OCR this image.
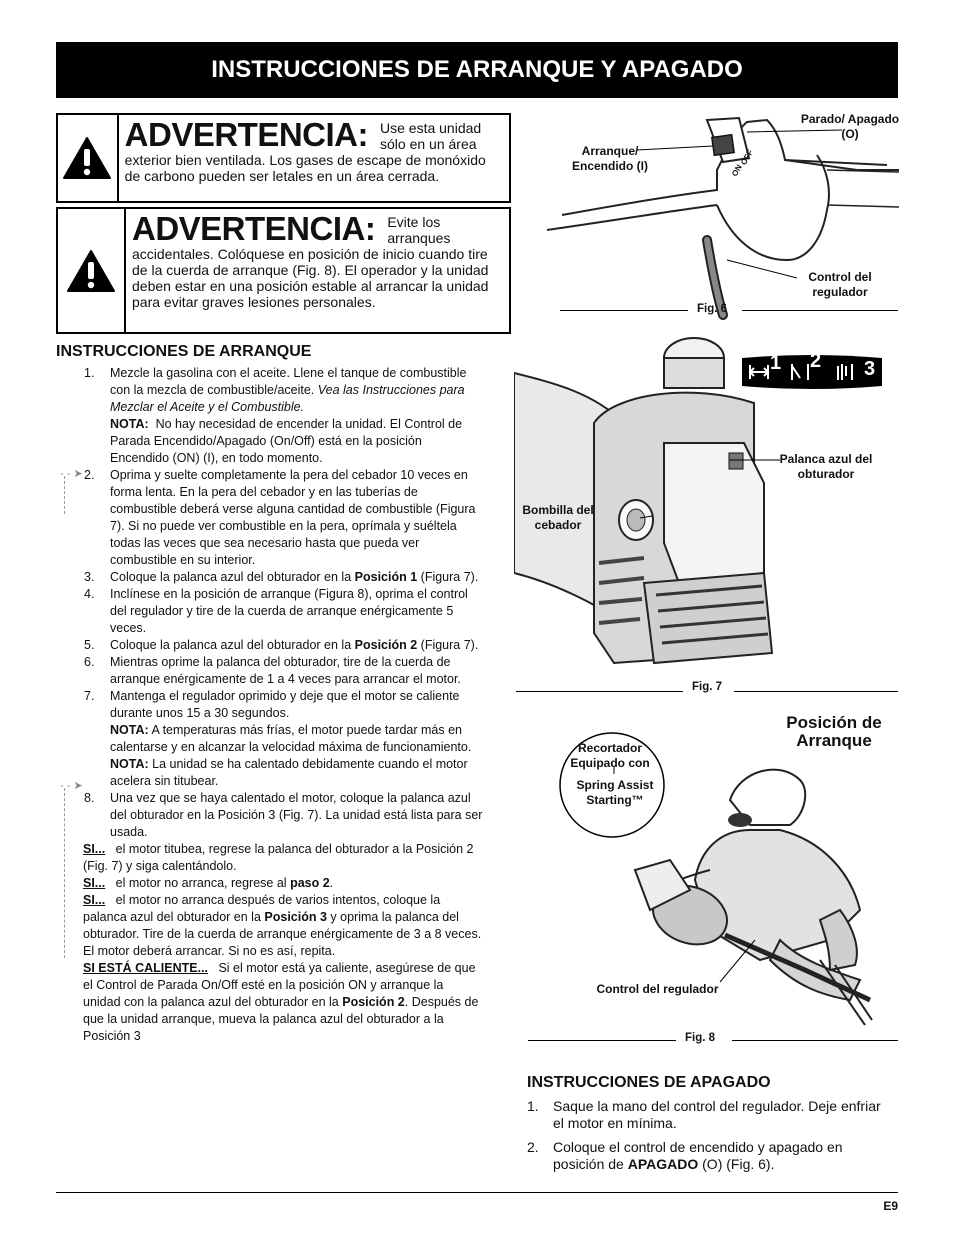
INSTRUCCIONES DE ARRANQUE Y APAGADO
ADVERTENCIA: Use esta unidad sólo en un área
exterior bien ventilada. Los gases de escape de monóxido de carbono pueden ser letales en un área cerrada.
ADVERTENCIA: Evite los arranques
accidentales. Colóquese en posición de inicio cuando tire de la cuerda de arranque (Fig. 8). El operador y la unidad deben estar en una posición estable al arrancar la unidad para evitar graves lesiones personales.
INSTRUCCIONES DE ARRANQUE
- - ➤
- - ➤
1.	Mezcle la gasolina con el aceite. Llene el tanque de combustible con la mezcla de combustible/aceite. Vea las Instrucciones para Mezclar el Aceite y el Combustible.
NOTA: No hay necesidad de encender la unidad. El Control de Parada Encendido/Apagado (On/Off) está en la posición Encendido (ON) (I), en todo momento.
2.	Oprima y suelte completamente la pera del cebador 10 veces en forma lenta. En la pera del cebador y en las tuberías de combustible deberá verse alguna cantidad de combustible (Figura 7). Si no puede ver combustible en la pera, oprímala y suéltela todas las veces que sea necesario hasta que pueda ver combustible en su interior.
3.	Coloque la palanca azul del obturador en la Posición 1 (Figura 7).
4.	Inclínese en la posición de arranque (Figura 8), oprima el control del regulador y tire de la cuerda de arranque enérgicamente 5 veces.
5.	Coloque la palanca azul del obturador en la Posición 2 (Figura 7).
6.	Mientras oprime la palanca del obturador, tire de la cuerda de arranque enérgicamente de 1 a 4 veces para arrancar el motor.
7.	Mantenga el regulador oprimido y deje que el motor se caliente durante unos 15 a 30 segundos.
NOTA: A temperaturas más frías, el motor puede tardar más en calentarse y en alcanzar la velocidad máxima de funcionamiento.
NOTA: La unidad se ha calentado debidamente cuando el motor acelera sin titubear.
8.	Una vez que se haya calentado el motor, coloque la palanca azul del obturador en la Posición 3 (Fig. 7). La unidad está lista para ser usada.
SI... el motor titubea, regrese la palanca del obturador a la Posición 2 (Fig. 7) y siga calentándolo.
SI... el motor no arranca, regrese al paso 2.
SI... el motor no arranca después de varios intentos, coloque la palanca azul del obturador en la Posición 3 y oprima la palanca del obturador. Tire de la cuerda de arranque enérgicamente de 3 a 8 veces. El motor deberá arrancar. Si no es así, repita.
SI ESTÁ CALIENTE... Si el motor está ya caliente, asegúrese de que el Control de Parada On/Off esté en la posición ON y arranque la unidad con la palanca azul del obturador en la Posición 2. Después de que la unidad arranque, mueva la palanca azul del obturador a la Posición 3
ON
OFF
Arranque/ Encendido (I)
Parado/ Apagado (O)
Control del regulador
Fig. 6
1 2 3
Palanca azul del obturador
Bombilla del cebador
Fig. 7
Posición de Arranque
Recortador Equipado con
Spring Assist Starting™
Control del regulador
Fig. 8
INSTRUCCIONES DE APAGADO
1.	Saque la mano del control del regulador. Deje enfriar el motor en mínima.
2.	Coloque el control de encendido y apagado en posición de APAGADO (O) (Fig. 6).
E9
